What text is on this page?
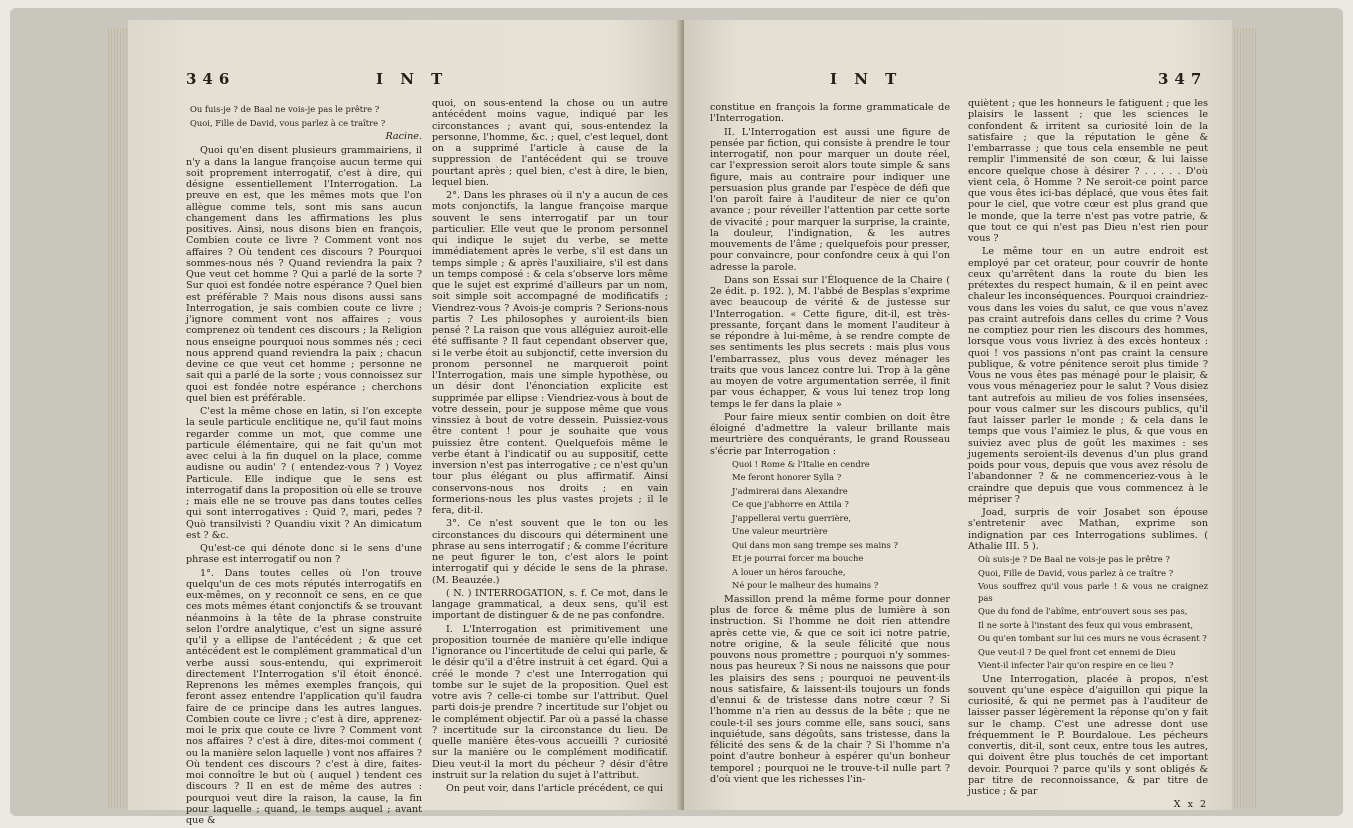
346	I N T

Ou fuis-je ? de Baal ne vois-je pas le prêtre ?

Quoi, Fille de David, vous parlez à ce traître ?

Racine.

Quoi qu'en disent plusieurs grammairiens, il n'y a dans la langue françoise aucun terme qui soit proprement interrogatif, c'est à dire, qui désigne essentiellement l'Interrogation. La preuve en est, que les mêmes mots que l'on allègue comme tels, sont mis sans aucun changement dans les affirmations les plus positives. Ainsi, nous disons bien en françois, Combien coute ce livre ? Comment vont nos affaires ? Où tendent ces discours ? Pourquoi sommes-nous nés ? Quand reviendra la paix ? Que veut cet homme ? Qui a parlé de la sorte ? Sur quoi est fondée notre espérance ? Quel bien est préférable ? Mais nous disons aussi sans Interrogation, je sais combien coute ce livre ; j'ignore comment vont nos affaires ; vous comprenez où tendent ces discours ; la Religion nous enseigne pourquoi nous sommes nés ; ceci nous apprend quand reviendra la paix ; chacun devine ce que veut cet homme ; personne ne sait qui a parlé de la sorte ; vous connoissez sur quoi est fondée notre espérance ; cherchons quel bien est préférable.

C'est la même chose en latin, si l'on excepte la seule particule enclitique ne, qu'il faut moins regarder comme un mot, que comme une particule élémentaire, qui ne fait qu'un mot avec celui à la fin duquel on la place, comme audisne ou audin' ? ( entendez-vous ? ) Voyez Particule. Elle indique que le sens est interrogatif dans la proposition où elle se trouve ; mais elle ne se trouve pas dans toutes celles qui sont interrogatives : Quid ?, mari, pedes ? Quò transilvisti ? Quandiu vixit ? An dimicatum est ? &c.

Qu'est-ce qui dénote donc si le sens d'une phrase est interrogatif ou non ?

1°. Dans toutes celles où l'on trouve quelqu'un de ces mots réputés interrogatifs en eux-mêmes, on y reconnoît ce sens, en ce que ces mots mêmes étant conjonctifs & se trouvant néanmoins à la tête de la phrase construite selon l'ordre analytique, c'est un signe assuré qu'il y a ellipse de l'antécédent ; & que cet antécédent est le complément grammatical d'un verbe aussi sous-entendu, qui exprimeroit directement l'Interrogation s'il étoit énoncé. Reprenons les mêmes exemples françois, qui feront assez entendre l'application qu'il faudra faire de ce principe dans les autres langues. Combien coute ce livre ; c'est à dire, apprenez-moi le prix que coute ce livre ? Comment vont nos affaires ? c'est à dire, dites-moi comment ( ou la manière selon laquelle ) vont nos affaires ? Où tendent ces discours ? c'est à dire, faites-moi connoître le but où ( auquel ) tendent ces discours ? Il en est de même des autres : pourquoi veut dire la raison, la cause, la fin pour laquelle ; quand, le temps auquel ; avant que &

quoi, on sous-entend la chose ou un autre antécédent moins vague, indiqué par les circonstances ; avant qui, sous-entendez la personne, l'homme, &c. ; quel, c'est lequel, dont on a supprimé l'article à cause de la suppression de l'antécédent qui se trouve pourtant après ; quel bien, c'est à dire, le bien, lequel bien.

2°. Dans les phrases où il n'y a aucun de ces mots conjonctifs, la langue françoise marque souvent le sens interrogatif par un tour particulier. Elle veut que le pronom personnel qui indique le sujet du verbe, se mette immédiatement après le verbe, s'il est dans un temps simple ; & après l'auxiliaire, s'il est dans un temps composé : & cela s'observe lors même que le sujet est exprimé d'ailleurs par un nom, soit simple soit accompagné de modificatifs ; Viendrez-vous ? Avois-je compris ? Serions-nous partis ? Les philosophes y auroient-ils bien pensé ? La raison que vous alléguiez auroit-elle été suffisante ? Il faut cependant observer que, si le verbe étoit au subjonctif, cette inversion du pronom personnel ne marqueroit point l'Interrogation, mais une simple hypothèse, ou un désir dont l'énonciation explicite est supprimée par ellipse : Viendriez-vous à bout de votre dessein, pour je suppose même que vous vinssiez à bout de votre dessein. Puissiez-vous être content ! pour je souhaite que vous puissiez être content. Quelquefois même le verbe étant à l'indicatif ou au suppositif, cette inversion n'est pas interrogative ; ce n'est qu'un tour plus élégant ou plus affirmatif. Ainsi conservons-nous nos droits ; en vain formerions-nous les plus vastes projets ; il le fera, dit-il.

3°. Ce n'est souvent que le ton ou les circonstances du discours qui déterminent une phrase au sens interrogatif ; & comme l'écriture ne peut figurer le ton, c'est alors le point interrogatif qui y décide le sens de la phrase. (M. Beauzée.)

( N. ) INTERROGATION, s. f. Ce mot, dans le langage grammatical, a deux sens, qu'il est important de distinguer & de ne pas confondre.

I. L'Interrogation est primitivement une proposition tournée de manière qu'elle indique l'ignorance ou l'incertitude de celui qui parle, & le désir qu'il a d'être instruit à cet égard. Qui a créé le monde ? c'est une Interrogation qui tombe sur le sujet de la proposition. Quel est votre avis ? celle-ci tombe sur l'attribut. Quel parti dois-je prendre ? incertitude sur l'objet ou le complément objectif. Par où a passé la chasse ? incertitude sur la circonstance du lieu. De quelle manière êtes-vous accueilli ? curiosité sur la manière ou le complément modificatif. Dieu veut-il la mort du pécheur ? désir d'être instruit sur la relation du sujet à l'attribut.

On peut voir, dans l'article précédent, ce qui

I N T	347

constitue en françois la forme grammaticale de l'Interrogation.

II. L'Interrogation est aussi une figure de pensée par fiction, qui consiste à prendre le tour interrogatif, non pour marquer un doute réel, car l'expression seroit alors toute simple & sans figure, mais au contraire pour indiquer une persuasion plus grande par l'espèce de défi que l'on paroît faire à l'auditeur de nier ce qu'on avance ; pour réveiller l'attention par cette sorte de vivacité ; pour marquer la surprise, la crainte, la douleur, l'indignation, & les autres mouvements de l'âme ; quelquefois pour presser, pour convaincre, pour confondre ceux à qui l'on adresse la parole.

Dans son Essai sur l'Éloquence de la Chaire ( 2e édit. p. 192. ), M. l'abbé de Besplas s'exprime avec beaucoup de vérité & de justesse sur l'Interrogation. « Cette figure, dit-il, est très-pressante, forçant dans le moment l'auditeur à se répondre à lui-même, à se rendre compte de ses sentiments les plus secrets : mais plus vous l'embarrassez, plus vous devez ménager les traits que vous lancez contre lui. Trop à la gêne au moyen de votre argumentation serrée, il finit par vous échapper, & vous lui tenez trop long temps le fer dans la plaie »

Pour faire mieux sentir combien on doit être éloigné d'admettre la valeur brillante mais meurtrière des conquérants, le grand Rousseau s'écrie par Interrogation :

Quoi ! Rome & l'Italie en cendre

Me feront honorer Sylla ?

J'admirerai dans Alexandre

Ce que j'abhorre en Attila ?

J'appellerai vertu guerrière,

Une valeur meurtrière

Qui dans mon sang trempe ses mains ?

Et je pourrai forcer ma bouche

A louer un héros farouche,

Né pour le malheur des humains ?

Massillon prend la même forme pour donner plus de force & même plus de lumière à son instruction. Si l'homme ne doit rien attendre après cette vie, & que ce soit ici notre patrie, notre origine, & la seule félicité que nous pouvons nous promettre ; pourquoi n'y sommes-nous pas heureux ? Si nous ne naissons que pour les plaisirs des sens ; pourquoi ne peuvent-ils nous satisfaire, & laissent-ils toujours un fonds d'ennui & de tristesse dans notre cœur ? Si l'homme n'a rien au dessus de la bête ; que ne coule-t-il ses jours comme elle, sans souci, sans inquiétude, sans dégoûts, sans tristesse, dans la félicité des sens & de la chair ? Si l'homme n'a point d'autre bonheur à espérer qu'un bonheur temporel ; pourquoi ne le trouve-t-il nulle part ? d'où vient que les richesses l'in-

quiètent ; que les honneurs le fatiguent ; que les plaisirs le lassent ; que les sciences le confondent & irritent sa curiosité loin de la satisfaire ; que la réputation le gêne & l'embarrasse ; que tous cela ensemble ne peut remplir l'immensité de son cœur, & lui laisse encore quelque chose à désirer ? . . . . . D'où vient cela, ô Homme ? Ne seroit-ce point parce que vous êtes ici-bas déplacé, que vous êtes fait pour le ciel, que votre cœur est plus grand que le monde, que la terre n'est pas votre patrie, & que tout ce qui n'est pas Dieu n'est rien pour vous ?

Le même tour en un autre endroit est employé par cet orateur, pour couvrir de honte ceux qu'arrêtent dans la route du bien les prétextes du respect humain, & il en peint avec chaleur les inconséquences. Pourquoi craindriez-vous dans les voies du salut, ce que vous n'avez pas craint autrefois dans celles du crime ? Vous ne comptiez pour rien les discours des hommes, lorsque vous vous livriez à des excès honteux : quoi ! vos passions n'ont pas craint la censure publique, & votre pénitence seroit plus timide ? Vous ne vous êtes pas ménagé pour le plaisir, & vous vous ménageriez pour le salut ? Vous disiez tant autrefois au milieu de vos folies insensées, pour vous calmer sur les discours publics, qu'il faut laisser parler le monde ; & cela dans le temps que vous l'aimiez le plus, & que vous en suiviez avec plus de goût les maximes : ses jugements seroient-ils devenus d'un plus grand poids pour vous, depuis que vous avez résolu de l'abandonner ? & ne commenceriez-vous à le craindre que depuis que vous commencez à le mépriser ?

Joad, surpris de voir Josabet son épouse s'entretenir avec Mathan, exprime son indignation par ces Interrogations sublimes. ( Athalie III. 5 ).

Où suis-je ? De Baal ne vois-je pas le prêtre ?

Quoi, Fille de David, vous parlez à ce traître ?

Vous souffrez qu'il vous parle ! & vous ne craignez pas

Que du fond de l'abîme, entr'ouvert sous ses pas,

Il ne sorte à l'instant des feux qui vous embrasent,

Ou qu'en tombant sur lui ces murs ne vous écrasent ?

Que veut-il ? De quel front cet ennemi de Dieu

Vient-il infecter l'air qu'on respire en ce lieu ?

Une Interrogation, placée à propos, n'est souvent qu'une espèce d'aiguillon qui pique la curiosité, & qui ne permet pas à l'auditeur de laisser passer légèrement la réponse qu'on y fait sur le champ. C'est une adresse dont use fréquemment le P. Bourdaloue. Les pécheurs convertis, dit-il, sont ceux, entre tous les autres, qui doivent être plus touchés de cet important devoir. Pourquoi ? parce qu'ils y sont obligés & par titre de reconnoissance, & par titre de justice ; & par

X x 2
